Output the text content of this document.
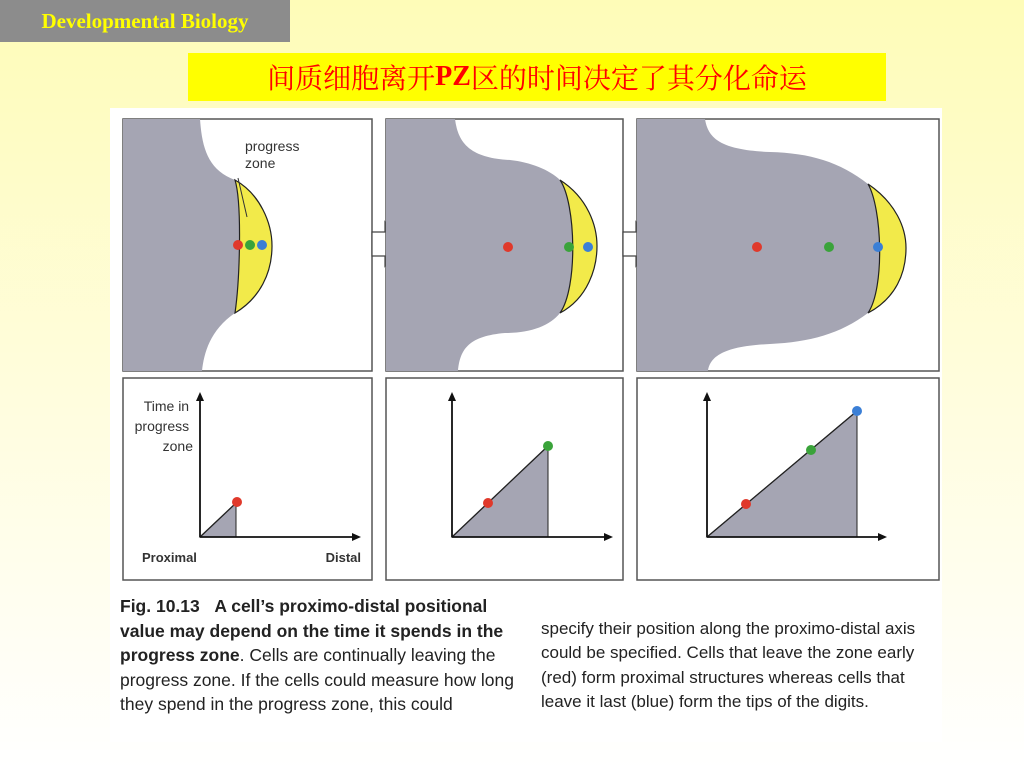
Developmental Biology
间质细胞离开 PZ 区的时间决定了其分化命运
progress zone
Time in progress zone
Proximal	Distal
Fig. 10.13 A cell’s proximo-distal positional value may depend on the time it spends in the progress zone. Cells are continually leaving the progress zone. If the cells could measure how long they spend in the progress zone, this could
specify their position along the proximo-distal axis could be specified. Cells that leave the zone early (red) form proximal structures whereas cells that leave it last (blue) form the tips of the digits.
